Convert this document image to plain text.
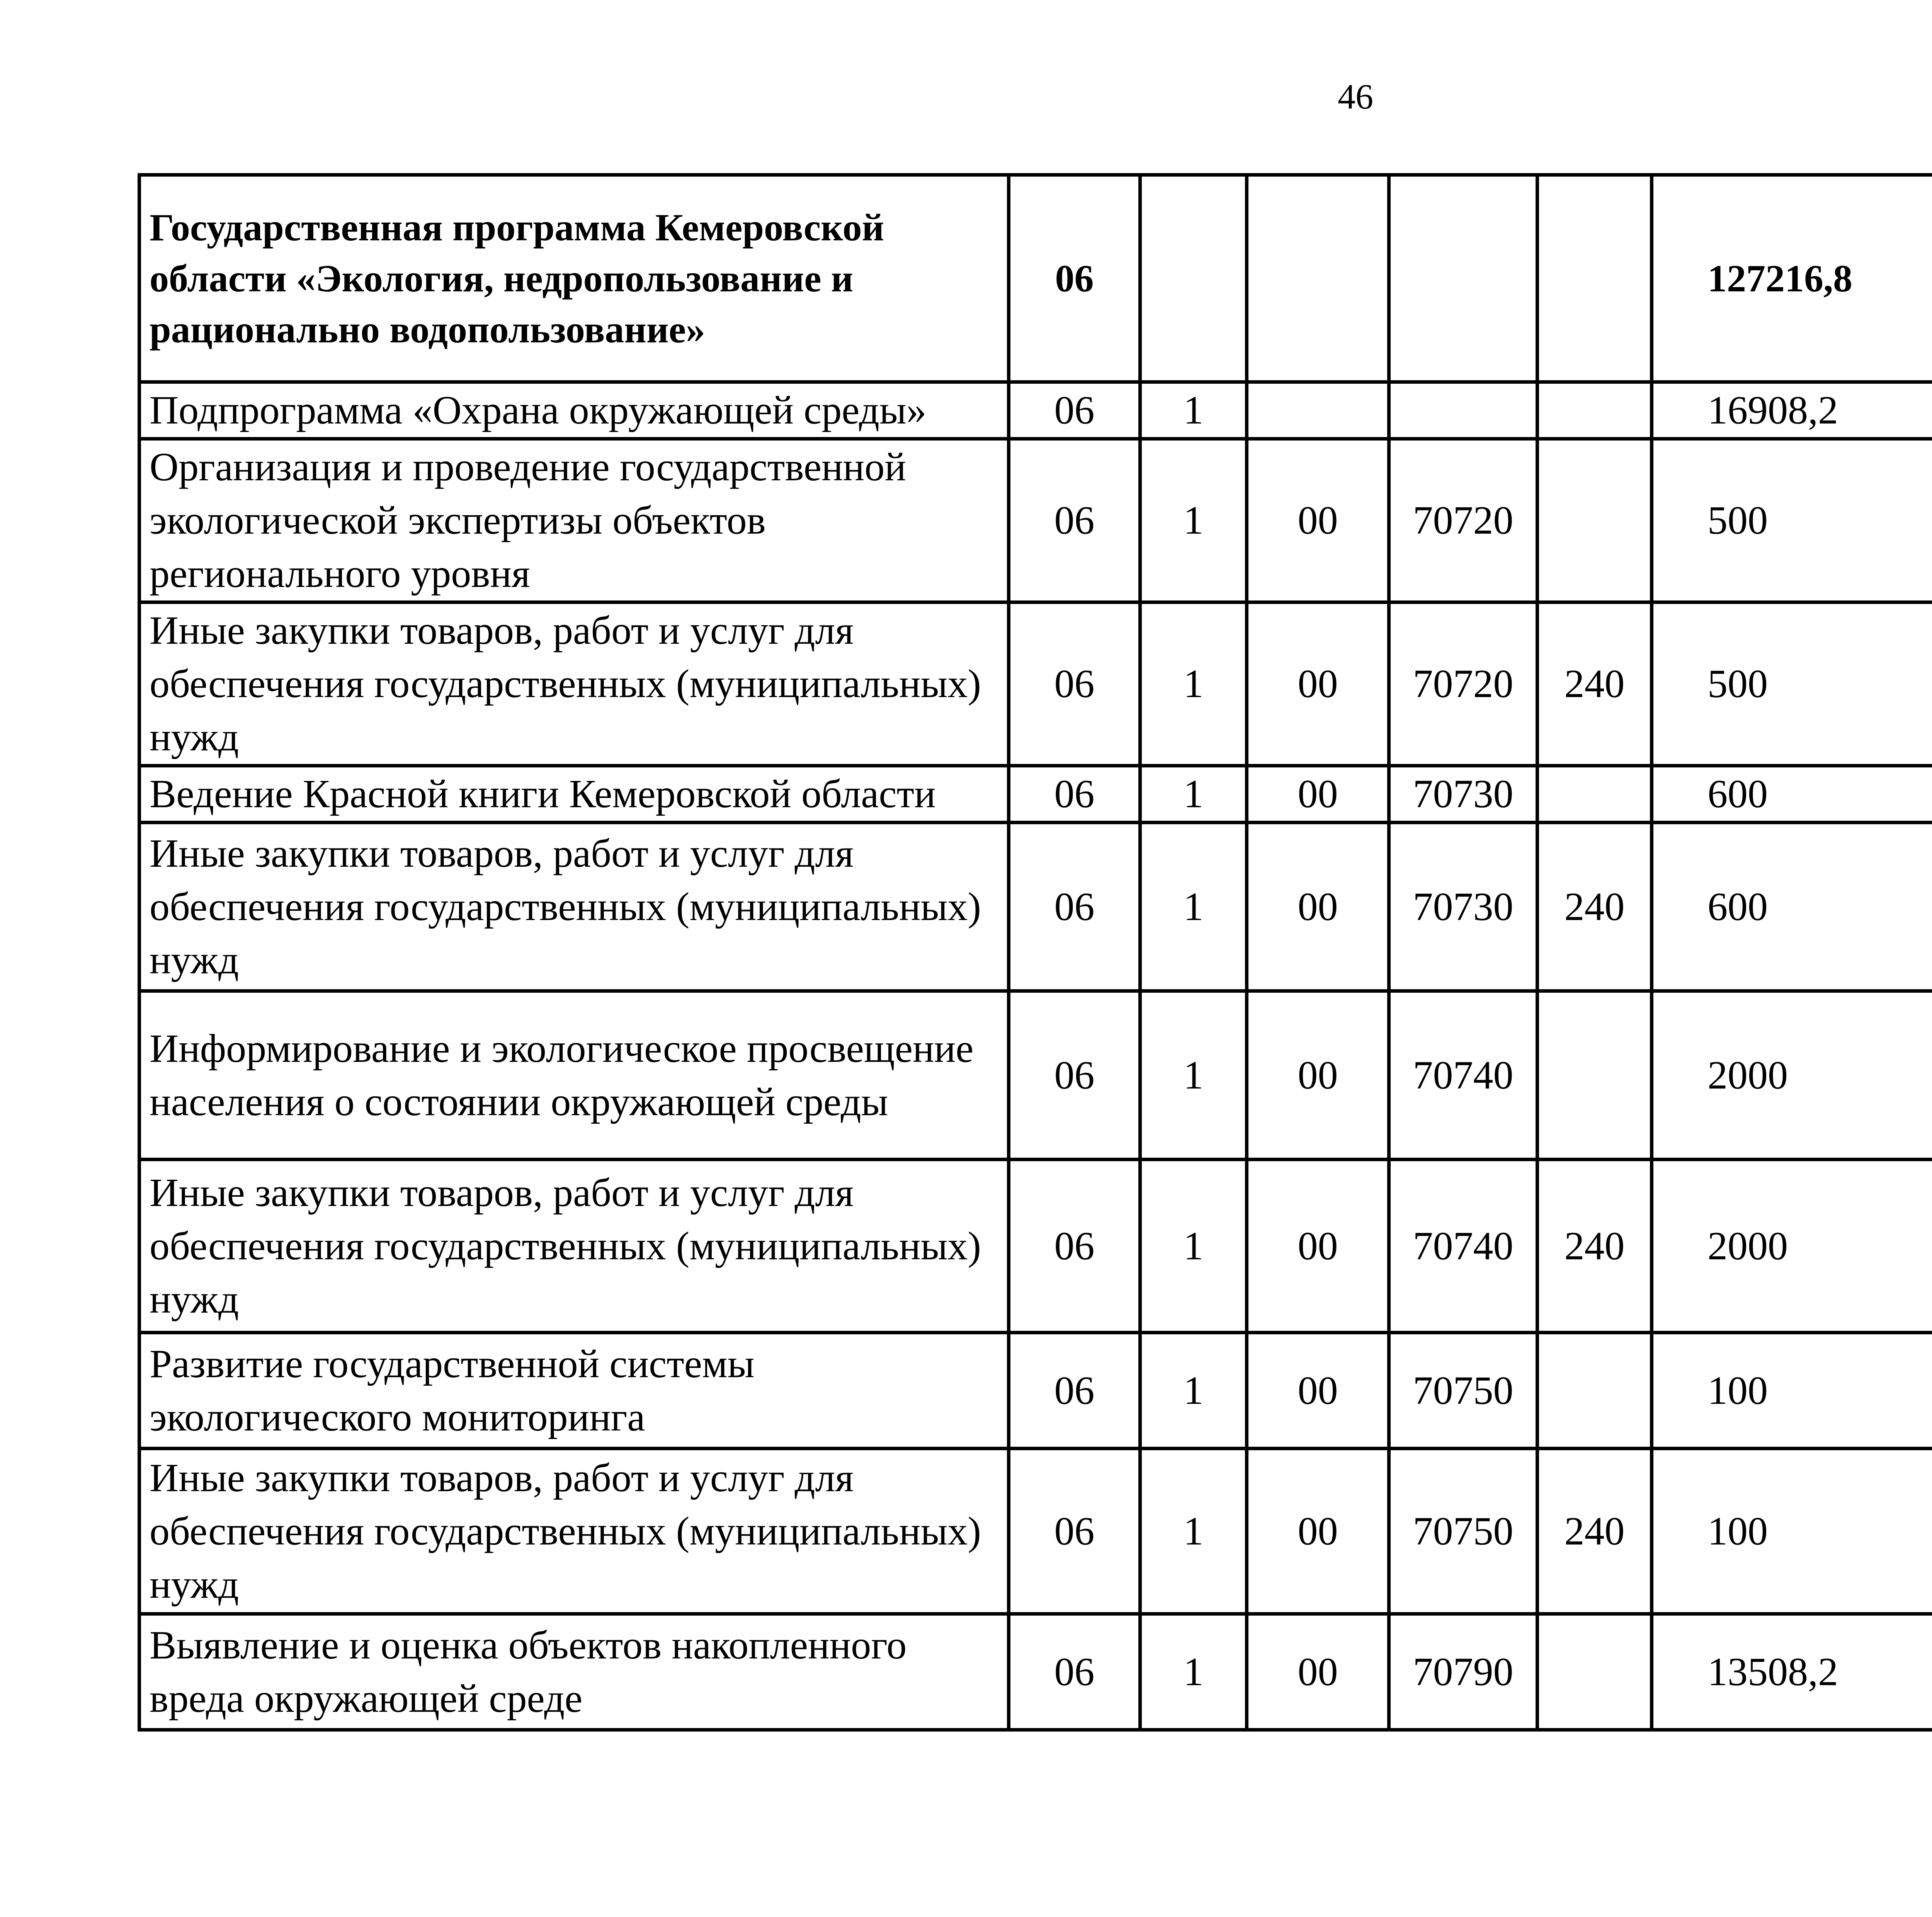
46
Государственная программа Кемеровской области «Экология, недропользование и рационально водопользование»	06					127216,8		
Подпрограмма «Охрана окружающей среды»	06	1				16908,2		
Организация и проведение государственной экологической экспертизы объектов регионального уровня	06	1	00	70720		500		
Иные закупки товаров, работ и услуг для обеспечения государственных (муниципальных) нужд	06	1	00	70720	240	500		
Ведение Красной книги Кемеровской области	06	1	00	70730		600		
Иные закупки товаров, работ и услуг для обеспечения государственных (муниципальных) нужд	06	1	00	70730	240	600		
Информирование и экологическое просвещение населения о состоянии окружающей среды	06	1	00	70740		2000		
Иные закупки товаров, работ и услуг для обеспечения государственных (муниципальных) нужд	06	1	00	70740	240	2000		
Развитие государственной системы экологического мониторинга	06	1	00	70750		100		
Иные закупки товаров, работ и услуг для обеспечения государственных (муниципальных) нужд	06	1	00	70750	240	100		
Выявление и оценка объектов накопленного вреда окружающей среде	06	1	00	70790		13508,2		
